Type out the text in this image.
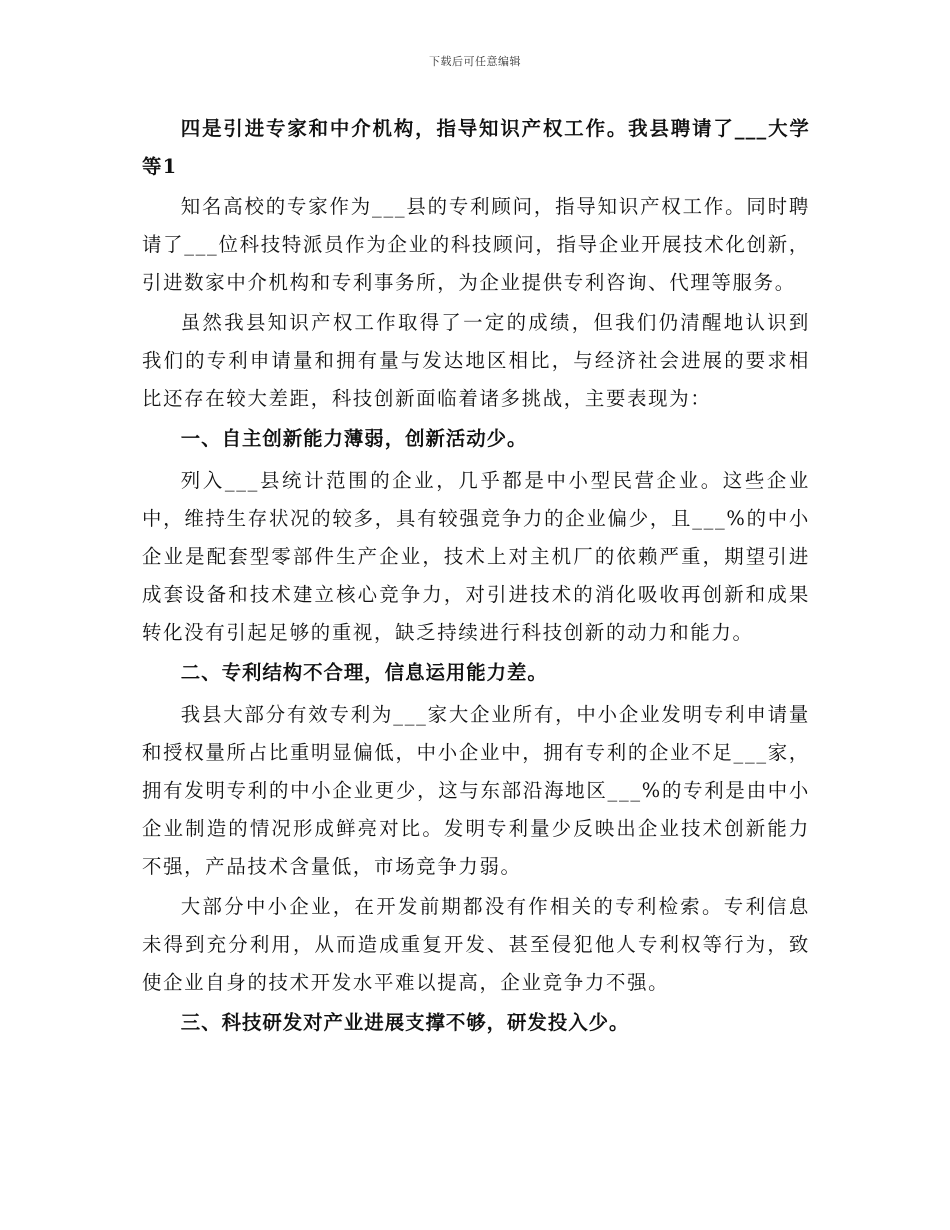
下载后可任意编辑

四是引进专家和中介机构，指导知识产权工作。我县聘请了___大学等1

知名高校的专家作为___县的专利顾问，指导知识产权工作。同时聘请了___位科技特派员作为企业的科技顾问，指导企业开展技术化创新，引进数家中介机构和专利事务所，为企业提供专利咨询、代理等服务。

虽然我县知识产权工作取得了一定的成绩，但我们仍清醒地认识到我们的专利申请量和拥有量与发达地区相比，与经济社会进展的要求相比还存在较大差距，科技创新面临着诸多挑战，主要表现为：

一、自主创新能力薄弱，创新活动少。

列入___县统计范围的企业，几乎都是中小型民营企业。这些企业中，维持生存状况的较多，具有较强竞争力的企业偏少，且___%的中小企业是配套型零部件生产企业，技术上对主机厂的依赖严重，期望引进成套设备和技术建立核心竞争力，对引进技术的消化吸收再创新和成果转化没有引起足够的重视，缺乏持续进行科技创新的动力和能力。

二、专利结构不合理，信息运用能力差。

我县大部分有效专利为___家大企业所有，中小企业发明专利申请量和授权量所占比重明显偏低，中小企业中，拥有专利的企业不足___家，拥有发明专利的中小企业更少，这与东部沿海地区___%的专利是由中小企业制造的情况形成鲜亮对比。发明专利量少反映出企业技术创新能力不强，产品技术含量低，市场竞争力弱。

大部分中小企业，在开发前期都没有作相关的专利检索。专利信息未得到充分利用，从而造成重复开发、甚至侵犯他人专利权等行为，致使企业自身的技术开发水平难以提高，企业竞争力不强。

三、科技研发对产业进展支撑不够，研发投入少。
